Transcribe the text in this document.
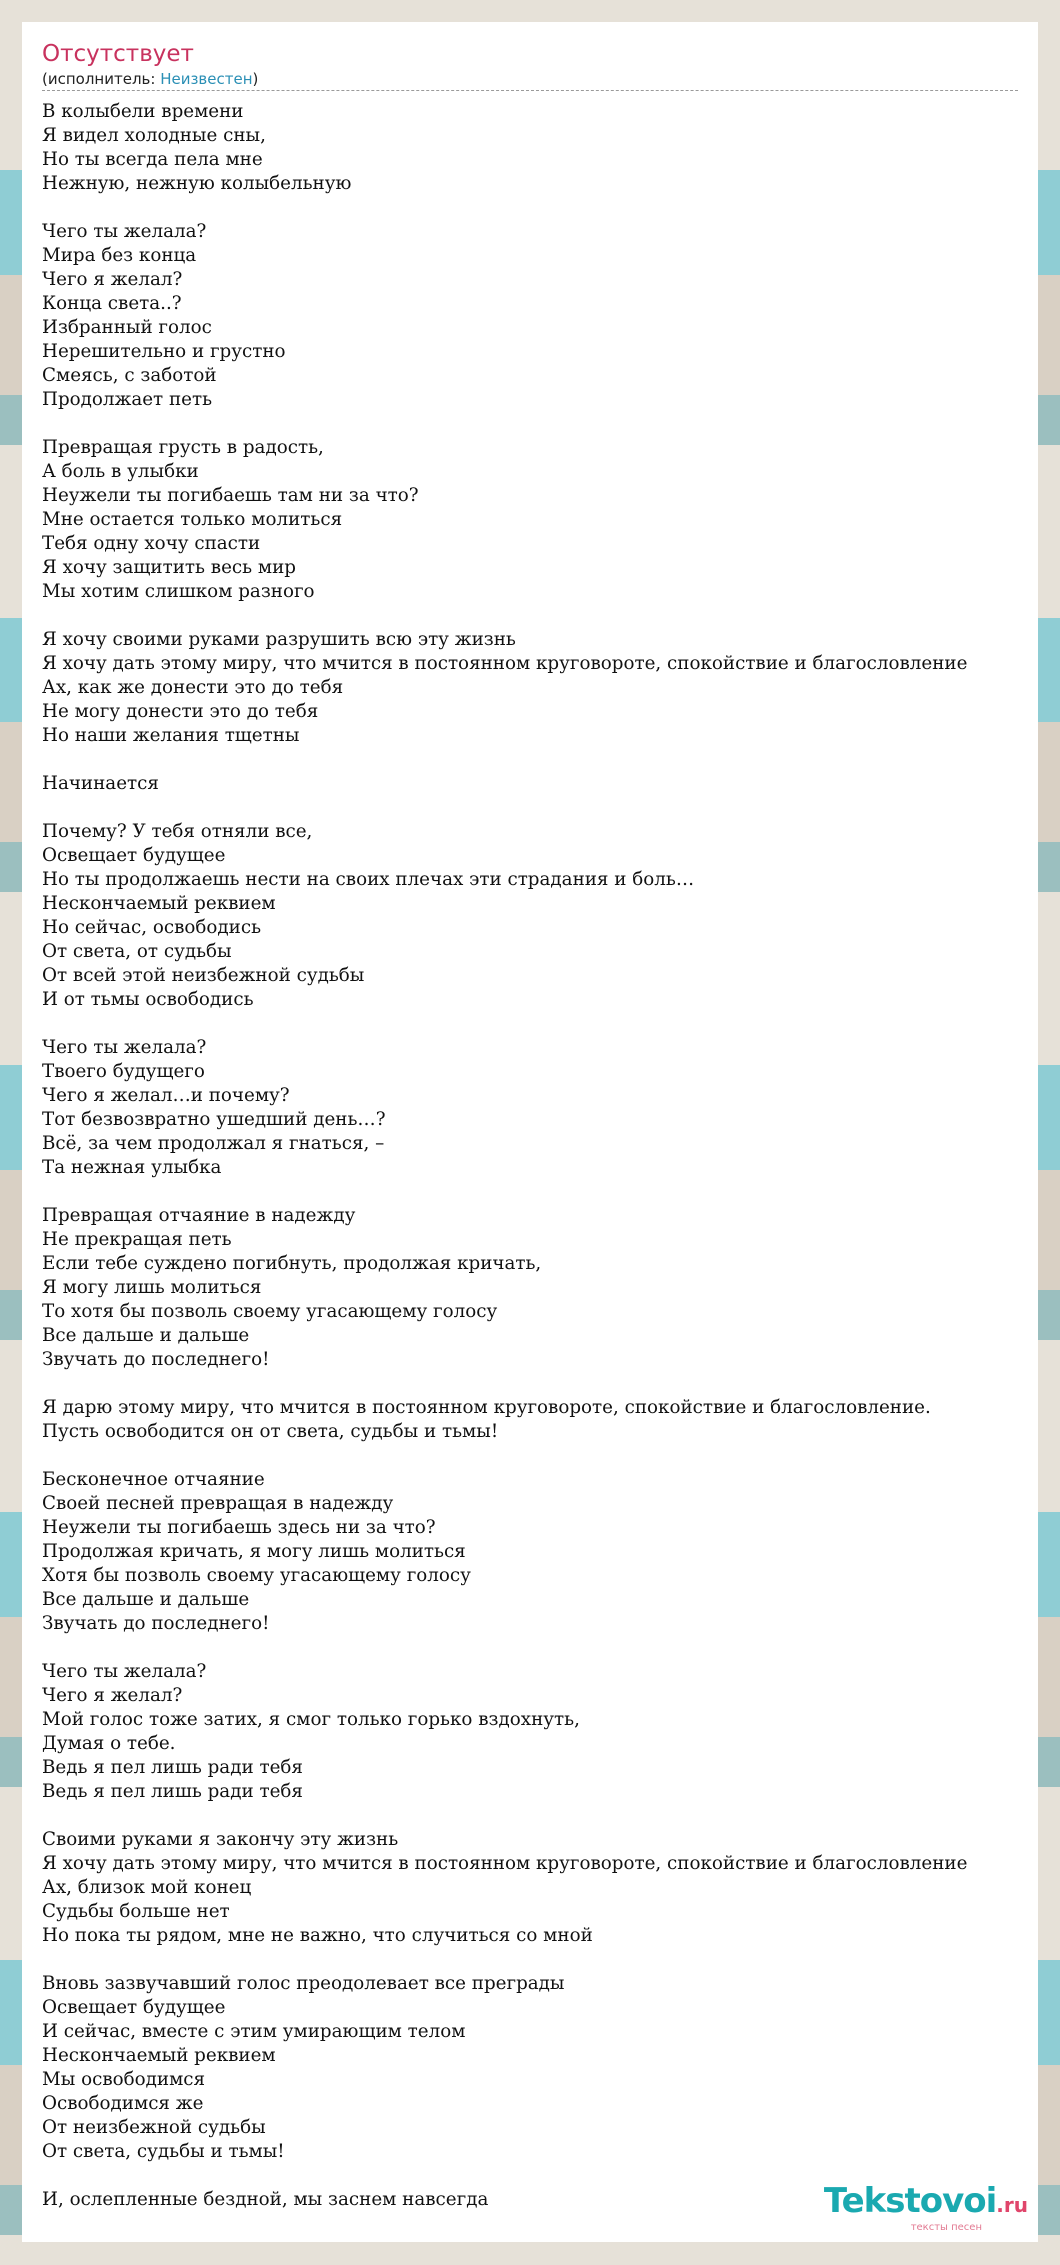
Отсутствует
(исполнитель: Неизвестен)
В колыбели времени
Я видел холодные сны,
Но ты всегда пела мне
Нежную, нежную колыбельную
Чего ты желала?
Мира без конца
Чего я желал?
Конца света..?
Избранный голос
Нерешительно и грустно
Смеясь, с заботой
Продолжает петь
Превращая грусть в радость,
А боль в улыбки
Неужели ты погибаешь там ни за что?
Мне остается только молиться
Тебя одну хочу спасти
Я хочу защитить весь мир
Мы хотим слишком разного
Я хочу своими руками разрушить всю эту жизнь
Я хочу дать этому миру, что мчится в постоянном круговороте, спокойствие и благословление
Ах, как же донести это до тебя
Не могу донести это до тебя
Но наши желания тщетны
Начинается
Почему? У тебя отняли все,
Освещает будущее
Но ты продолжаешь нести на своих плечах эти страдания и боль…
Нескончаемый реквием
Но сейчас, освободись
От света, от судьбы
От всей этой неизбежной судьбы
И от тьмы освободись
Чего ты желала?
Твоего будущего
Чего я желал…и почему?
Тот безвозвратно ушедший день…?
Всё, за чем продолжал я гнаться, –
Та нежная улыбка
Превращая отчаяние в надежду
Не прекращая петь
Если тебе суждено погибнуть, продолжая кричать,
Я могу лишь молиться
То хотя бы позволь своему угасающему голосу
Все дальше и дальше
Звучать до последнего!
Я дарю этому миру, что мчится в постоянном круговороте, спокойствие и благословление.
Пусть освободится он от света, судьбы и тьмы!
Бесконечное отчаяние
Своей песней превращая в надежду
Неужели ты погибаешь здесь ни за что?
Продолжая кричать, я могу лишь молиться
Хотя бы позволь своему угасающему голосу
Все дальше и дальше
Звучать до последнего!
Чего ты желала?
Чего я желал?
Мой голос тоже затих, я смог только горько вздохнуть,
Думая о тебе.
Ведь я пел лишь ради тебя
Ведь я пел лишь ради тебя
Своими руками я закончу эту жизнь
Я хочу дать этому миру, что мчится в постоянном круговороте, спокойствие и благословление
Ах, близок мой конец
Судьбы больше нет
Но пока ты рядом, мне не важно, что случиться со мной
Вновь зазвучавший голос преодолевает все преграды
Освещает будущее
И сейчас, вместе с этим умирающим телом
Нескончаемый реквием
Мы освободимся
Освободимся же
От неизбежной судьбы
От света, судьбы и тьмы!
И, ослепленные бездной, мы заснем навсегда	Tekstovoi.ru
тексты песен
